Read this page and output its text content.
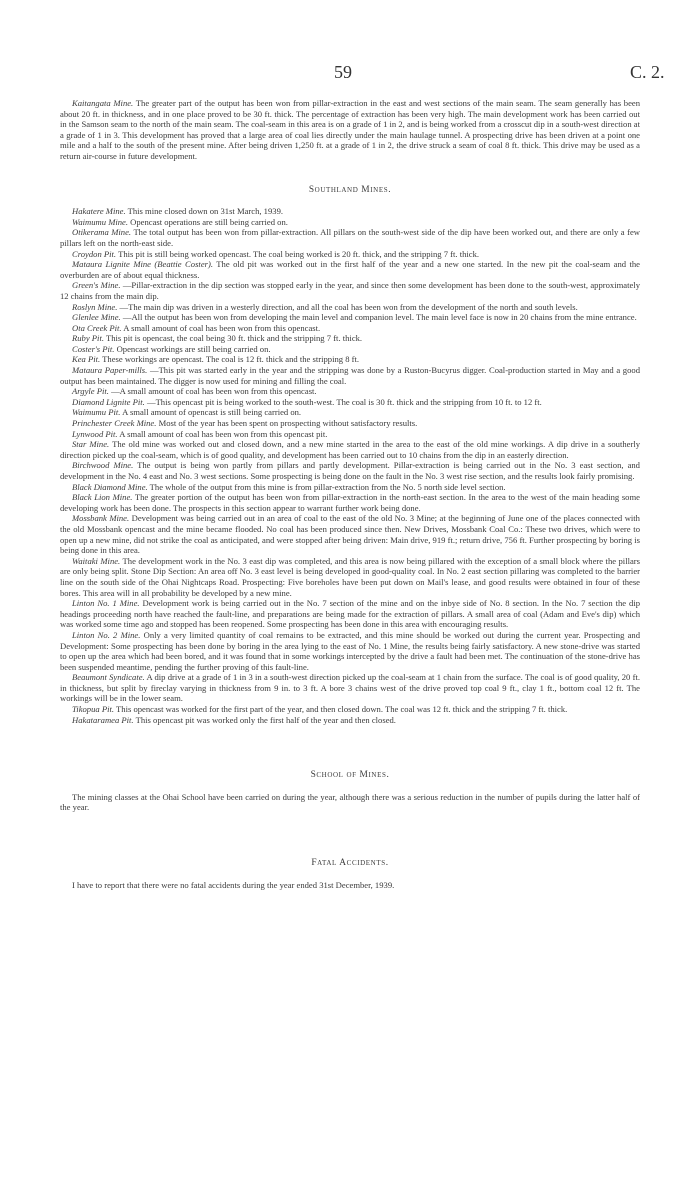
59	C. 2.

Kaitangata Mine. The greater part of the output has been won from pillar-extraction in the east and west sections of the main seam. The seam generally has been about 20 ft. in thickness, and in one place proved to be 30 ft. thick. The percentage of extraction has been very high. The main development work has been carried out in the Samson seam to the north of the main seam. The coal-seam in this area is on a grade of 1 in 2, and is being worked from a crosscut dip in a south-west direction at a grade of 1 in 3. This development has proved that a large area of coal lies directly under the main haulage tunnel. A prospecting drive has been driven at a point one mile and a half to the south of the present mine. After being driven 1,250 ft. at a grade of 1 in 2, the drive struck a seam of coal 8 ft. thick. This drive may be used as a return air-course in future development.

Southland Mines.

Hakatere Mine. This mine closed down on 31st March, 1939.

Waimumu Mine. Opencast operations are still being carried on.

Otikerama Mine. The total output has been won from pillar-extraction. All pillars on the south-west side of the dip have been worked out, and there are only a few pillars left on the north-east side.

Croydon Pit. This pit is still being worked opencast. The coal being worked is 20 ft. thick, and the stripping 7 ft. thick.

Mataura Lignite Mine (Beattie Coster). The old pit was worked out in the first half of the year and a new one started. In the new pit the coal-seam and the overburden are of about equal thickness.

Green's Mine. —Pillar-extraction in the dip section was stopped early in the year, and since then some development has been done to the south-west, approximately 12 chains from the main dip.

Roslyn Mine. —The main dip was driven in a westerly direction, and all the coal has been won from the development of the north and south levels.

Glenlee Mine. —All the output has been won from developing the main level and companion level. The main level face is now in 20 chains from the mine entrance.

Ota Creek Pit. A small amount of coal has been won from this opencast.

Ruby Pit. This pit is opencast, the coal being 30 ft. thick and the stripping 7 ft. thick.

Coster's Pit. Opencast workings are still being carried on.

Kea Pit. These workings are opencast. The coal is 12 ft. thick and the stripping 8 ft.

Mataura Paper-mills. —This pit was started early in the year and the stripping was done by a Ruston-Bucyrus digger. Coal-production started in May and a good output has been maintained. The digger is now used for mining and filling the coal.

Argyle Pit. —A small amount of coal has been won from this opencast.

Diamond Lignite Pit. —This opencast pit is being worked to the south-west. The coal is 30 ft. thick and the stripping from 10 ft. to 12 ft.

Waimumu Pit. A small amount of opencast is still being carried on.

Princhester Creek Mine. Most of the year has been spent on prospecting without satisfactory results.

Lynwood Pit. A small amount of coal has been won from this opencast pit.

Star Mine. The old mine was worked out and closed down, and a new mine started in the area to the east of the old mine workings. A dip drive in a southerly direction picked up the coal-seam, which is of good quality, and development has been carried out to 10 chains from the dip in an easterly direction.

Birchwood Mine. The output is being won partly from pillars and partly development. Pillar-extraction is being carried out in the No. 3 east section, and development in the No. 4 east and No. 3 west sections. Some prospecting is being done on the fault in the No. 3 west rise section, and the results look fairly promising.

Black Diamond Mine. The whole of the output from this mine is from pillar-extraction from the No. 5 north side level section.

Black Lion Mine. The greater portion of the output has been won from pillar-extraction in the north-east section. In the area to the west of the main heading some developing work has been done. The prospects in this section appear to warrant further work being done.

Mossbank Mine. Development was being carried out in an area of coal to the east of the old No. 3 Mine; at the beginning of June one of the places connected with the old Mossbank opencast and the mine became flooded. No coal has been produced since then. New Drives, Mossbank Coal Co.: These two drives, which were to open up a new mine, did not strike the coal as anticipated, and were stopped after being driven: Main drive, 919 ft.; return drive, 756 ft. Further prospecting by boring is being done in this area.

Waitaki Mine. The development work in the No. 3 east dip was completed, and this area is now being pillared with the exception of a small block where the pillars are only being split. Stone Dip Section: An area off No. 3 east level is being developed in good-quality coal. In No. 2 east section pillaring was completed to the barrier line on the south side of the Ohai Nightcaps Road. Prospecting: Five boreholes have been put down on Mail's lease, and good results were obtained in four of these bores. This area will in all probability be developed by a new mine.

Linton No. 1 Mine. Development work is being carried out in the No. 7 section of the mine and on the inbye side of No. 8 section. In the No. 7 section the dip headings proceeding north have reached the fault-line, and preparations are being made for the extraction of pillars. A small area of coal (Adam and Eve's dip) which was worked some time ago and stopped has been reopened. Some prospecting has been done in this area with encouraging results.

Linton No. 2 Mine. Only a very limited quantity of coal remains to be extracted, and this mine should be worked out during the current year. Prospecting and Development: Some prospecting has been done by boring in the area lying to the east of No. 1 Mine, the results being fairly satisfactory. A new stone-drive was started to open up the area which had been bored, and it was found that in some workings intercepted by the drive a fault had been met. The continuation of the stone-drive has been suspended meantime, pending the further proving of this fault-line.

Beaumont Syndicate. A dip drive at a grade of 1 in 3 in a south-west direction picked up the coal-seam at 1 chain from the surface. The coal is of good quality, 20 ft. in thickness, but split by fireclay varying in thickness from 9 in. to 3 ft. A bore 3 chains west of the drive proved top coal 9 ft., clay 1 ft., bottom coal 12 ft. The workings will be in the lower seam.

Tikopua Pit. This opencast was worked for the first part of the year, and then closed down. The coal was 12 ft. thick and the stripping 7 ft. thick.

Hakataramea Pit. This opencast pit was worked only the first half of the year and then closed.

School of Mines.

The mining classes at the Ohai School have been carried on during the year, although there was a serious reduction in the number of pupils during the latter half of the year.

Fatal Accidents.

I have to report that there were no fatal accidents during the year ended 31st December, 1939.
